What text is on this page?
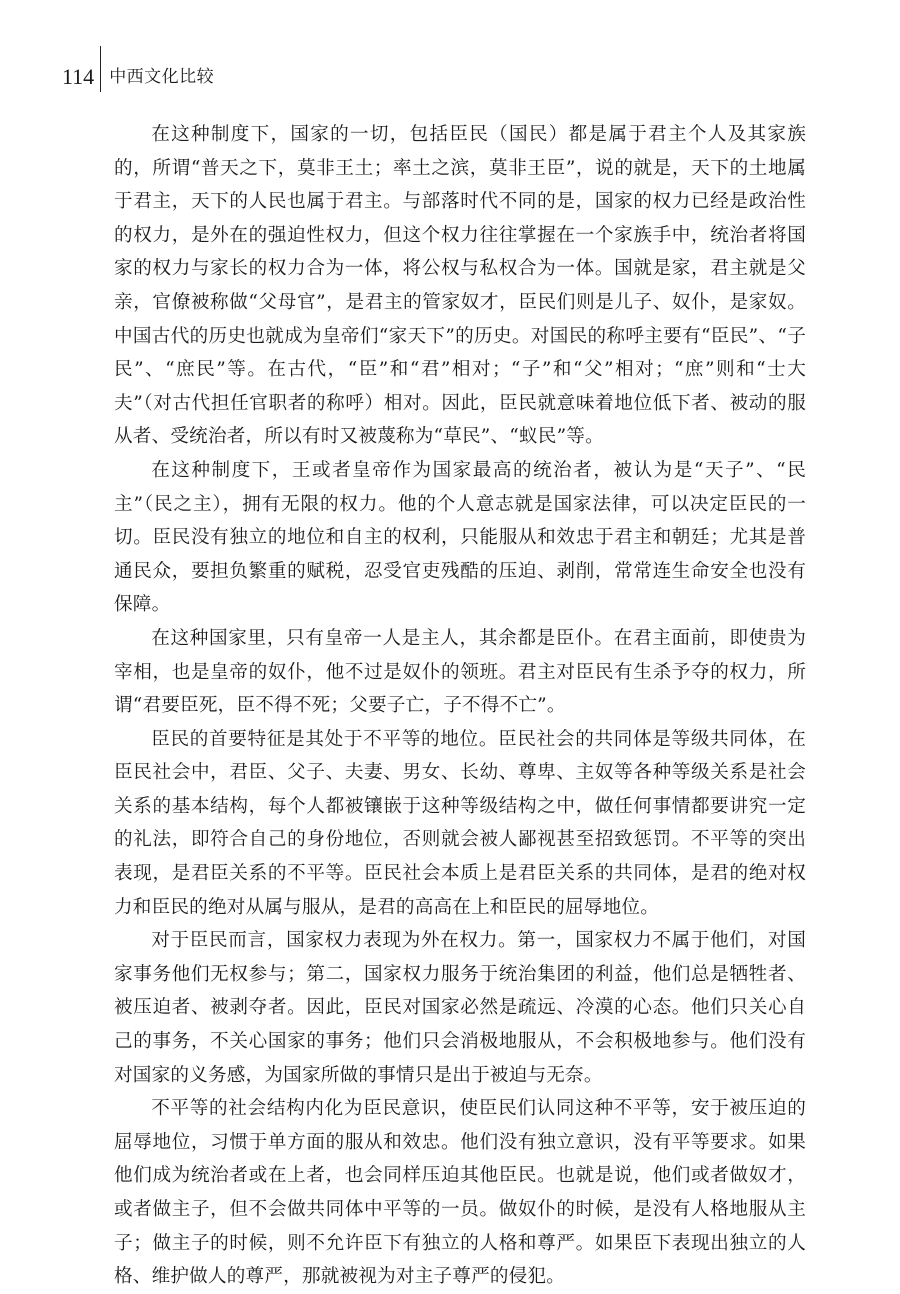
114 中西文化比较

在这种制度下，国家的一切，包括臣民（国民）都是属于君主个人及其家族的，所谓“普天之下，莫非王土；率土之滨，莫非王臣”，说的就是，天下的土地属于君主，天下的人民也属于君主。与部落时代不同的是，国家的权力已经是政治性的权力，是外在的强迫性权力，但这个权力往往掌握在一个家族手中，统治者将国家的权力与家长的权力合为一体，将公权与私权合为一体。国就是家，君主就是父亲，官僚被称做“父母官”，是君主的管家奴才，臣民们则是儿子、奴仆，是家奴。中国古代的历史也就成为皇帝们“家天下”的历史。对国民的称呼主要有“臣民”、“子民”、“庶民”等。在古代，“臣”和“君”相对；“子”和“父”相对；“庶”则和“士大夫”（对古代担任官职者的称呼）相对。因此，臣民就意味着地位低下者、被动的服从者、受统治者，所以有时又被蔑称为“草民”、“蚁民”等。

在这种制度下，王或者皇帝作为国家最高的统治者，被认为是“天子”、“民主”（民之主），拥有无限的权力。他的个人意志就是国家法律，可以决定臣民的一切。臣民没有独立的地位和自主的权利，只能服从和效忠于君主和朝廷；尤其是普通民众，要担负繁重的赋税，忍受官吏残酷的压迫、剥削，常常连生命安全也没有保障。

在这种国家里，只有皇帝一人是主人，其余都是臣仆。在君主面前，即使贵为宰相，也是皇帝的奴仆，他不过是奴仆的领班。君主对臣民有生杀予夺的权力，所谓“君要臣死，臣不得不死；父要子亡，子不得不亡”。

臣民的首要特征是其处于不平等的地位。臣民社会的共同体是等级共同体，在臣民社会中，君臣、父子、夫妻、男女、长幼、尊卑、主奴等各种等级关系是社会关系的基本结构，每个人都被镶嵌于这种等级结构之中，做任何事情都要讲究一定的礼法，即符合自己的身份地位，否则就会被人鄙视甚至招致惩罚。不平等的突出表现，是君臣关系的不平等。臣民社会本质上是君臣关系的共同体，是君的绝对权力和臣民的绝对从属与服从，是君的高高在上和臣民的屈辱地位。

对于臣民而言，国家权力表现为外在权力。第一，国家权力不属于他们，对国家事务他们无权参与；第二，国家权力服务于统治集团的利益，他们总是牺牲者、被压迫者、被剥夺者。因此，臣民对国家必然是疏远、冷漠的心态。他们只关心自己的事务，不关心国家的事务；他们只会消极地服从，不会积极地参与。他们没有对国家的义务感，为国家所做的事情只是出于被迫与无奈。

不平等的社会结构内化为臣民意识，使臣民们认同这种不平等，安于被压迫的屈辱地位，习惯于单方面的服从和效忠。他们没有独立意识，没有平等要求。如果他们成为统治者或在上者，也会同样压迫其他臣民。也就是说，他们或者做奴才，或者做主子，但不会做共同体中平等的一员。做奴仆的时候，是没有人格地服从主子；做主子的时候，则不允许臣下有独立的人格和尊严。如果臣下表现出独立的人格、维护做人的尊严，那就被视为对主子尊严的侵犯。
